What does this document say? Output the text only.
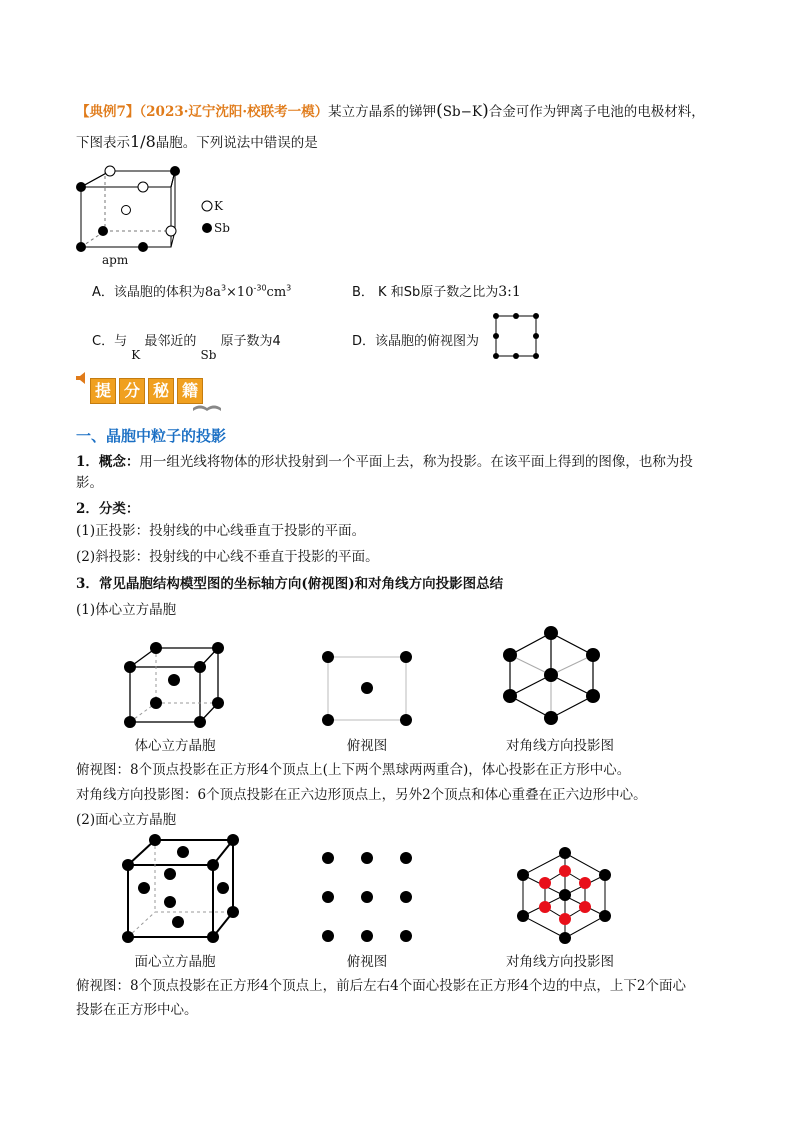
【典例7】（2023·辽宁沈阳·校联考一模）某立方晶系的锑钾(Sb−K)合金可作为钾离子电池的电极材料，
下图表示1/8晶胞。下列说法中错误的是
K
Sb
apm
A．该晶胞的体积为$8a^3\times 10^{-30}cm^3$	B． K 和Sb原子数之比为3:1
C．与 K 最邻近的 Sb 原子数为4	D．该晶胞的俯视图为
提 分 秘 籍
一、晶胞中粒子的投影
1．概念：用一组光线将物体的形状投射到一个平面上去，称为投影。在该平面上得到的图像，也称为投
影。
2．分类：
(1)正投影：投射线的中心线垂直于投影的平面。
(2)斜投影：投射线的中心线不垂直于投影的平面。
3．常见晶胞结构模型图的坐标轴方向(俯视图)和对角线方向投影图总结
(1)体心立方晶胞
体心立方晶胞	俯视图	对角线方向投影图
俯视图：8个顶点投影在正方形4个顶点上(上下两个黑球两两重合)，体心投影在正方形中心。
对角线方向投影图：6个顶点投影在正六边形顶点上，另外2个顶点和体心重叠在正六边形中心。
(2)面心立方晶胞
面心立方晶胞	俯视图	对角线方向投影图
俯视图：8个顶点投影在正方形4个顶点上，前后左右4个面心投影在正方形4个边的中点，上下2个面心
投影在正方形中心。
